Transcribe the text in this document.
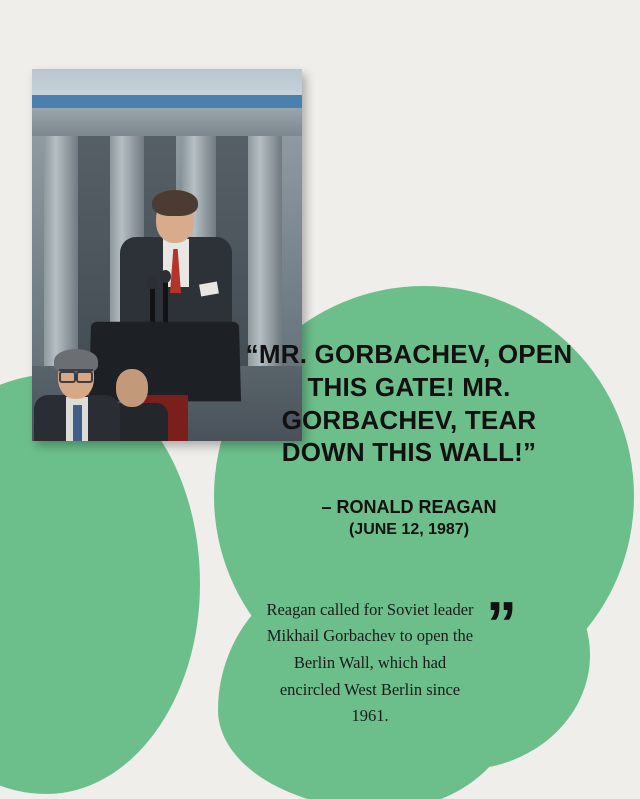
“MR. GORBACHEV, OPEN THIS GATE! MR. GORBACHEV, TEAR DOWN THIS WALL!”

– RONALD REAGAN
(JUNE 12, 1987)

Reagan called for Soviet leader Mikhail Gorbachev to open the Berlin Wall, which had encircled West Berlin since 1961.

”
